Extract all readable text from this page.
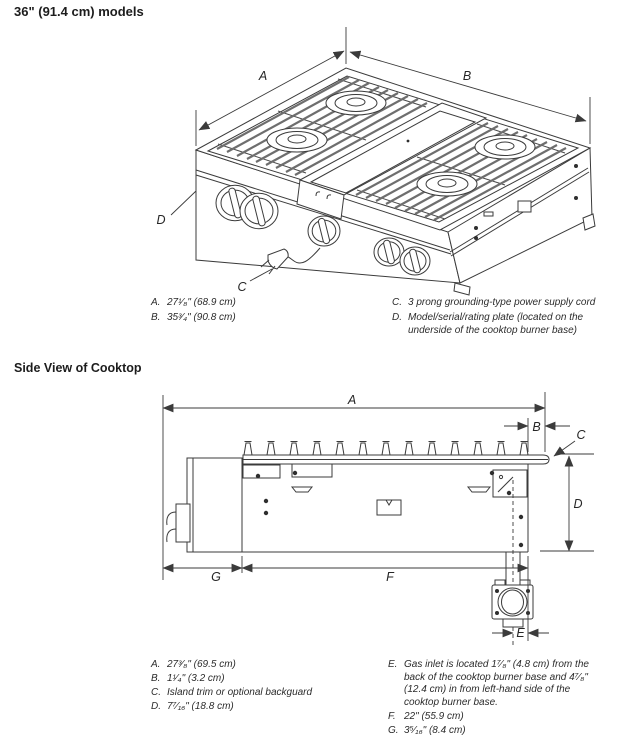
36" (91.4 cm) models
Side View of Cooktop
A	B
C
D
A
B
C
D
E
F
G
A. 27¹⁄₈" (68.9 cm)
B. 35³⁄₄" (90.8 cm)
C. 3 prong grounding-type power supply cord
D. Model/serial/rating plate (located on the underside of the cooktop burner base)
A. 27³⁄₈" (69.5 cm)
B. 1¹⁄₄" (3.2 cm)
C. Island trim or optional backguard
D. 7⁷⁄₁₆" (18.8 cm)
E. Gas inlet is located 1⁷⁄₈" (4.8 cm) from the back of the cooktop burner base and 4⁷⁄₈" (12.4 cm) in from left-hand side of the cooktop burner base.
F. 22" (55.9 cm)
G. 3⁵⁄₁₆" (8.4 cm)
